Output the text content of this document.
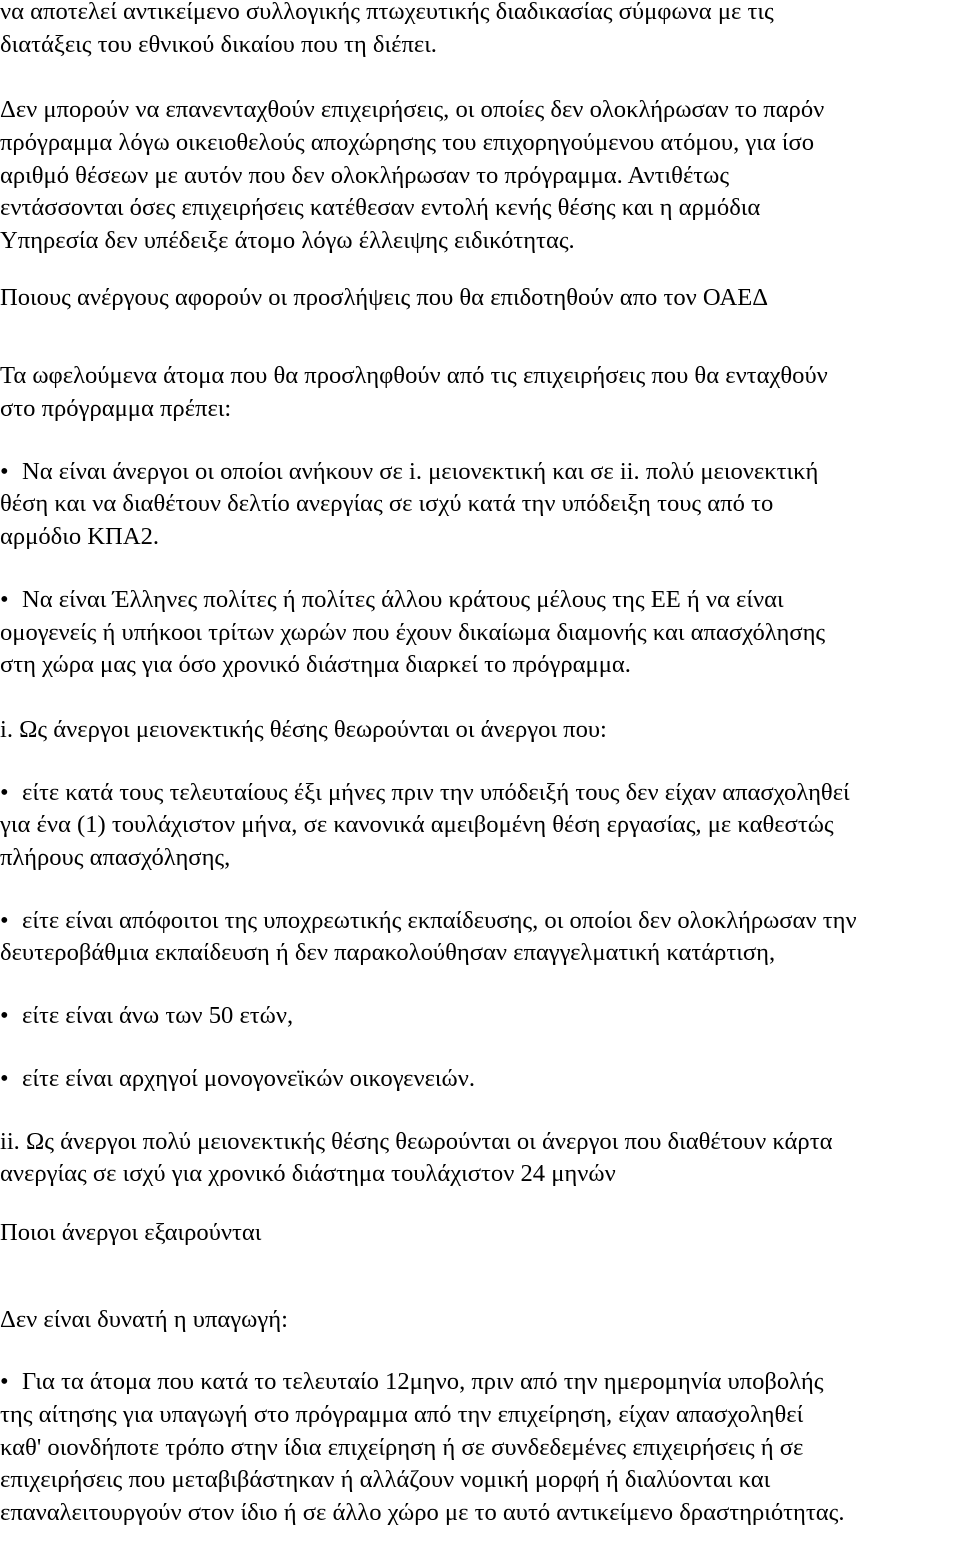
να αποτελεί αντικείμενο συλλογικής πτωχευτικής διαδικασίας σύμφωνα με τις
διατάξεις του εθνικού δικαίου που τη διέπει.
Δεν μπορούν να επανενταχθούν επιχειρήσεις, οι οποίες δεν ολοκλήρωσαν το παρόν
πρόγραμμα λόγω οικειοθελούς αποχώρησης του επιχορηγούμενου ατόμου, για ίσο
αριθμό θέσεων με αυτόν που δεν ολοκλήρωσαν το πρόγραμμα. Αντιθέτως
εντάσσονται όσες επιχειρήσεις κατέθεσαν εντολή κενής θέσης και η αρμόδια
Υπηρεσία δεν υπέδειξε άτομο λόγω έλλειψης ειδικότητας.
Ποιους ανέργους αφορούν οι προσλήψεις που θα επιδοτηθούν απο τον ΟΑΕΔ
Τα ωφελούμενα άτομα που θα προσληφθούν από τις επιχειρήσεις που θα ενταχθούν
στο πρόγραμμα πρέπει:
• Να είναι άνεργοι οι οποίοι ανήκουν σε i. μειονεκτική και σε ii. πολύ μειονεκτική
θέση και να διαθέτουν δελτίο ανεργίας σε ισχύ κατά την υπόδειξη τους από το
αρμόδιο ΚΠΑ2.
• Να είναι Έλληνες πολίτες ή πολίτες άλλου κράτους μέλους της ΕΕ ή να είναι
ομογενείς ή υπήκοοι τρίτων χωρών που έχουν δικαίωμα διαμονής και απασχόλησης
στη χώρα μας για όσο χρονικό διάστημα διαρκεί το πρόγραμμα.
i. Ως άνεργοι μειονεκτικής θέσης θεωρούνται οι άνεργοι που:
• είτε κατά τους τελευταίους έξι μήνες πριν την υπόδειξή τους δεν είχαν απασχοληθεί
για ένα (1) τουλάχιστον μήνα, σε κανονικά αμειβομένη θέση εργασίας, με καθεστώς
πλήρους απασχόλησης,
• είτε είναι απόφοιτοι της υποχρεωτικής εκπαίδευσης, οι οποίοι δεν ολοκλήρωσαν την
δευτεροβάθμια εκπαίδευση ή δεν παρακολούθησαν επαγγελματική κατάρτιση,
• είτε είναι άνω των 50 ετών,
• είτε είναι αρχηγοί μονογονεϊκών οικογενειών.
ii. Ως άνεργοι πολύ μειονεκτικής θέσης θεωρούνται οι άνεργοι που διαθέτουν κάρτα
ανεργίας σε ισχύ για χρονικό διάστημα τουλάχιστον 24 μηνών
Ποιοι άνεργοι εξαιρούνται
Δεν είναι δυνατή η υπαγωγή:
• Για τα άτομα που κατά το τελευταίο 12μηνο, πριν από την ημερομηνία υποβολής
της αίτησης για υπαγωγή στο πρόγραμμα από την επιχείρηση, είχαν απασχοληθεί
καθ' οιονδήποτε τρόπο στην ίδια επιχείρηση ή σε συνδεδεμένες επιχειρήσεις ή σε
επιχειρήσεις που μεταβιβάστηκαν ή αλλάζουν νομική μορφή ή διαλύονται και
επαναλειτουργούν στον ίδιο ή σε άλλο χώρο με το αυτό αντικείμενο δραστηριότητας.
